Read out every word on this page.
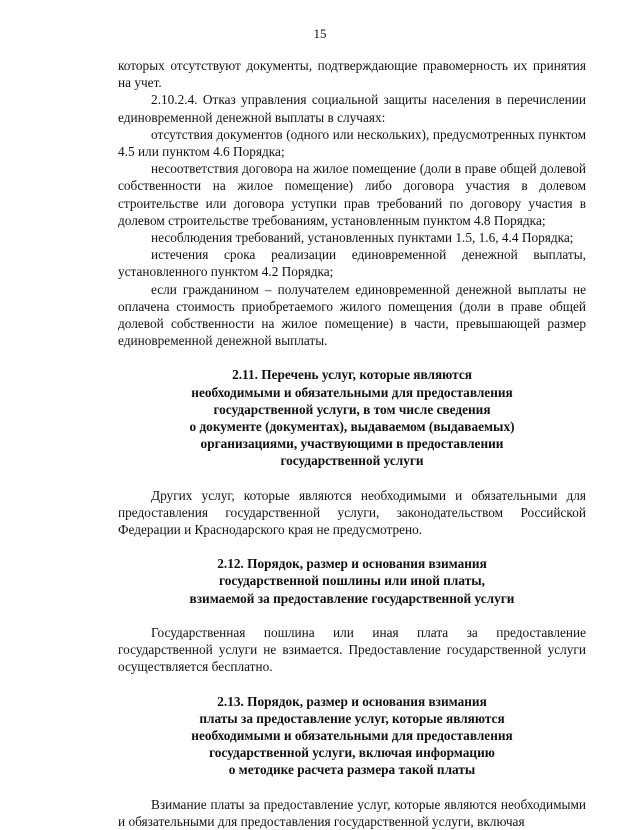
15

которых отсутствуют документы, подтверждающие правомерность их принятия на учет.

2.10.2.4. Отказ управления социальной защиты населения в перечислении единовременной денежной выплаты в случаях:

отсутствия документов (одного или нескольких), предусмотренных пунктом 4.5 или пунктом 4.6 Порядка;

несоответствия договора на жилое помещение (доли в праве общей долевой собственности на жилое помещение) либо договора участия в долевом строительстве или договора уступки прав требований по договору участия в долевом строительстве требованиям, установленным пунктом 4.8 Порядка;

несоблюдения требований, установленных пунктами 1.5, 1.6, 4.4 Порядка;

истечения срока реализации единовременной денежной выплаты, установленного пунктом 4.2 Порядка;

если гражданином – получателем единовременной денежной выплаты не оплачена стоимость приобретаемого жилого помещения (доли в праве общей долевой собственности на жилое помещение) в части, превышающей размер единовременной денежной выплаты.

2.11. Перечень услуг, которые являются
необходимыми и обязательными для предоставления
государственной услуги, в том числе сведения
о документе (документах), выдаваемом (выдаваемых)
организациями, участвующими в предоставлении
государственной услуги

Других услуг, которые являются необходимыми и обязательными для предоставления государственной услуги, законодательством Российской Федерации и Краснодарского края не предусмотрено.

2.12. Порядок, размер и основания взимания
государственной пошлины или иной платы,
взимаемой за предоставление государственной услуги

Государственная пошлина или иная плата за предоставление государственной услуги не взимается. Предоставление государственной услуги осуществляется бесплатно.

2.13. Порядок, размер и основания взимания
платы за предоставление услуг, которые являются
необходимыми и обязательными для предоставления
государственной услуги, включая информацию
о методике расчета размера такой платы

Взимание платы за предоставление услуг, которые являются необходимыми и обязательными для предоставления государственной услуги, включая
